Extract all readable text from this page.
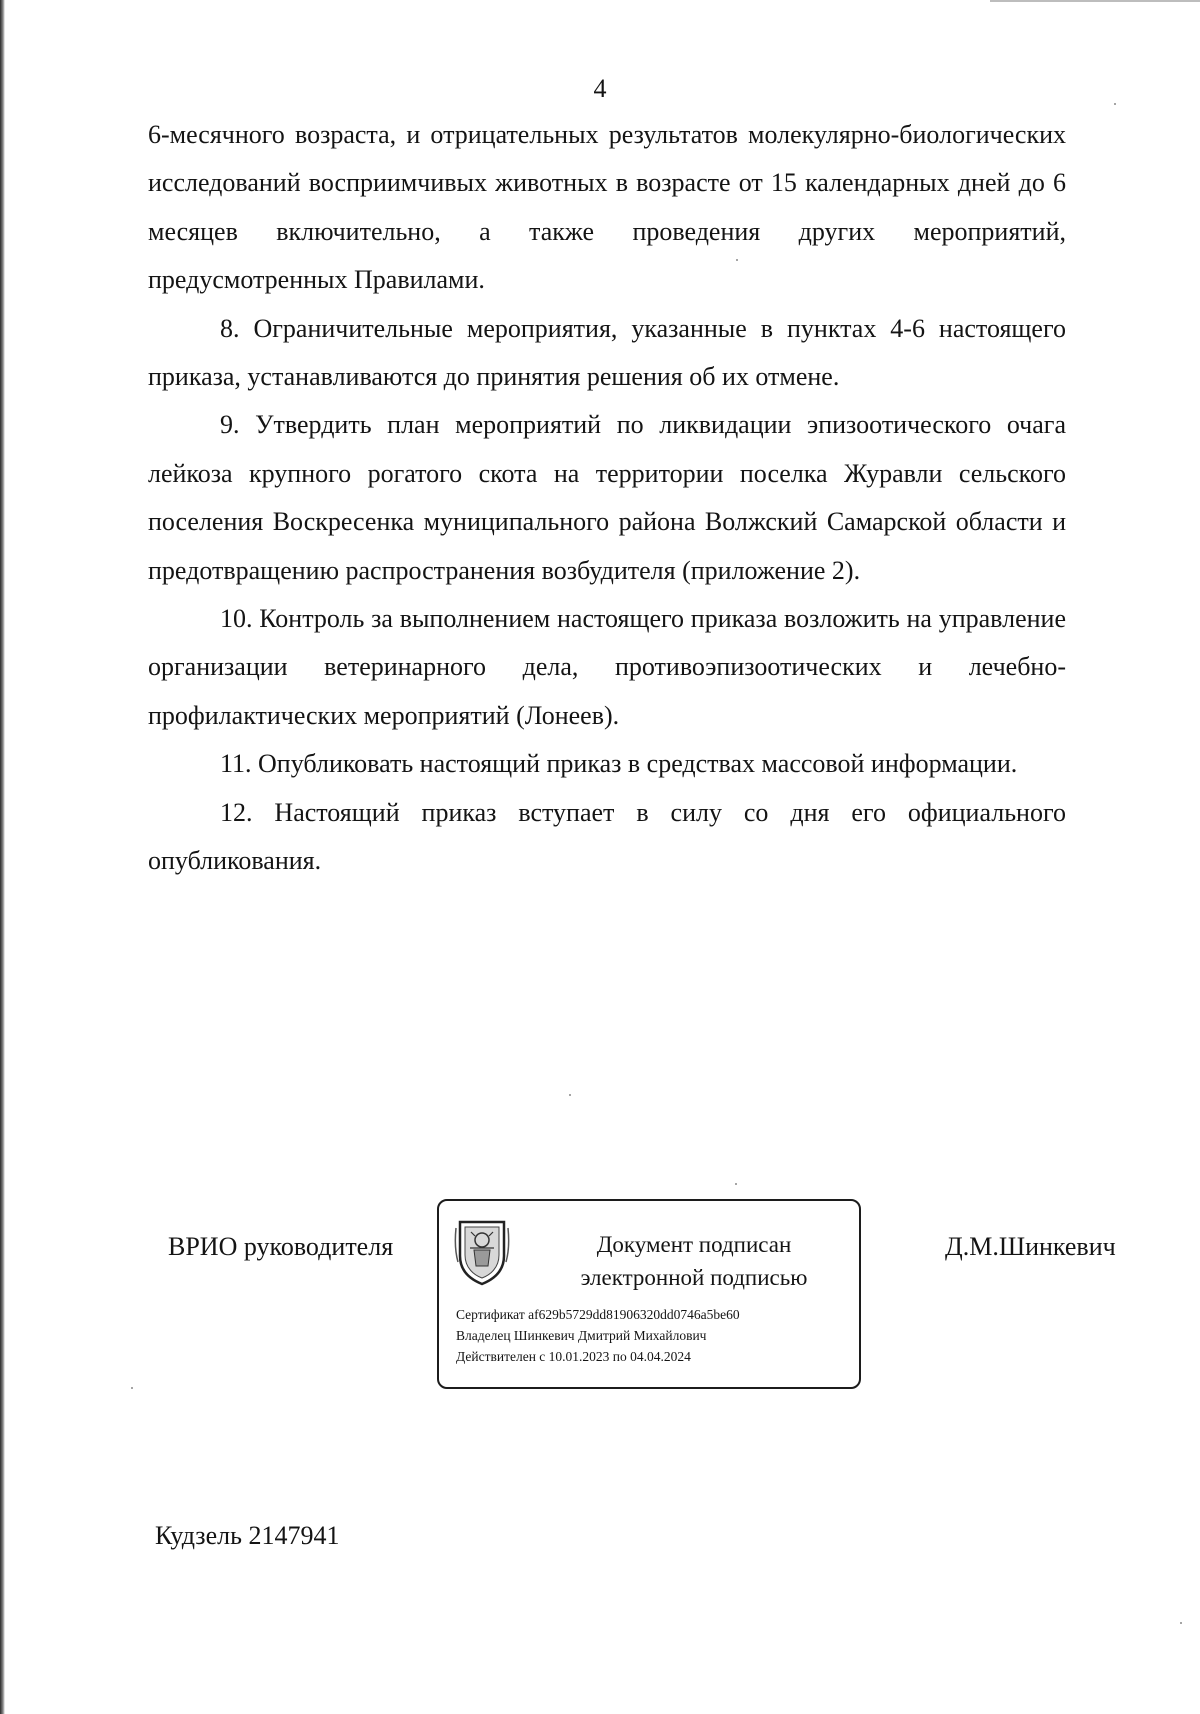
4

6-месячного возраста, и отрицательных результатов молекулярно-биологических исследований восприимчивых животных в возрасте от 15 календарных дней до 6 месяцев включительно, а также проведения других мероприятий, предусмотренных Правилами.

8. Ограничительные мероприятия, указанные в пунктах 4-6 настоящего приказа, устанавливаются до принятия решения об их отмене.

9. Утвердить план мероприятий по ликвидации эпизоотического очага лейкоза крупного рогатого скота на территории поселка Журавли сельского поселения Воскресенка муниципального района Волжский Самарской области и предотвращению распространения возбудителя (приложение 2).

10. Контроль за выполнением настоящего приказа возложить на управление организации ветеринарного дела, противоэпизоотических и лечебно-профилактических мероприятий (Лонеев).

11. Опубликовать настоящий приказ в средствах массовой информации.

12. Настоящий приказ вступает в силу со дня его официального опубликования.

ВРИО руководителя	Документ подписан
электронной подписью
Сертификат af629b5729dd81906320dd0746a5be60
Владелец Шинкевич Дмитрий Михайлович
Действителен с 10.01.2023 по 04.04.2024
Д.М.Шинкевич
Кудзель 2147941
